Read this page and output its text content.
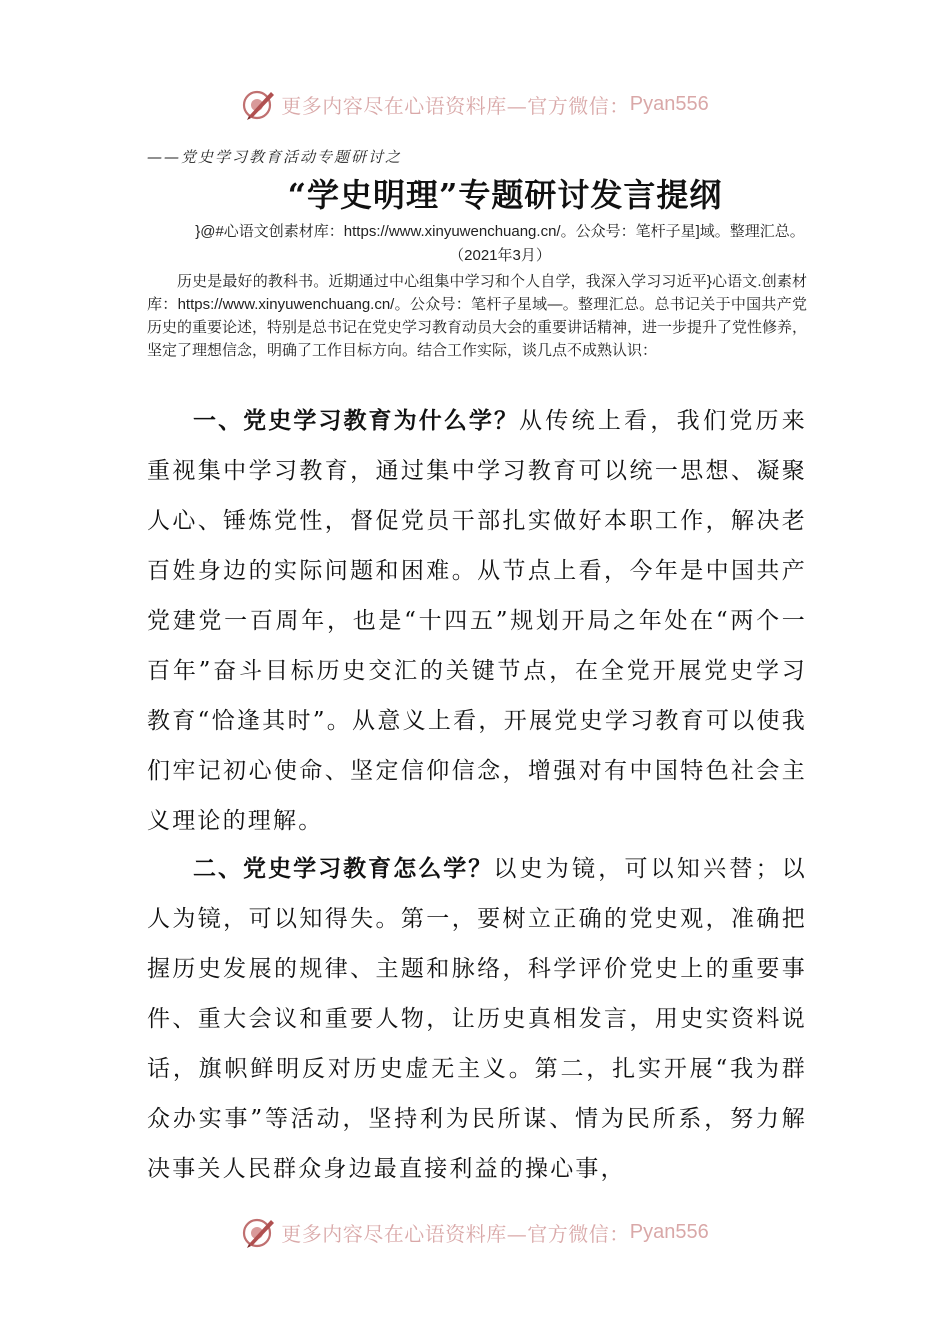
更多内容尽在心语资料库—官方微信： Pyan556
——党史学习教育活动专题研讨之
“学史明理”专题研讨发言提纲
}@#心语文创素材库：https://www.xinyuwenchuang.cn/。公众号：笔杆子星]域。整理汇总。（2021年3月）
历史是最好的教科书。近期通过中心组集中学习和个人自学，我深入学习习近平}心语文.创素材库：https://www.xinyuwenchuang.cn/。公众号：笔杆子星域—。整理汇总。总书记关于中国共产党历史的重要论述，特别是总书记在党史学习教育动员大会的重要讲话精神，进一步提升了党性修养，坚定了理想信念，明确了工作目标方向。结合工作实际，谈几点不成熟认识：
一、党史学习教育为什么学？从传统上看，我们党历来重视集中学习教育，通过集中学习教育可以统一思想、凝聚人心、锤炼党性，督促党员干部扎实做好本职工作，解决老百姓身边的实际问题和困难。从节点上看，今年是中国共产党建党一百周年，也是“十四五”规划开局之年处在“两个一百年”奋斗目标历史交汇的关键节点，在全党开展党史学习教育“恰逢其时”。从意义上看，开展党史学习教育可以使我们牢记初心使命、坚定信仰信念，增强对有中国特色社会主义理论的理解。
二、党史学习教育怎么学？以史为镜，可以知兴替；以人为镜，可以知得失。第一，要树立正确的党史观，准确把握历史发展的规律、主题和脉络，科学评价党史上的重要事件、重大会议和重要人物，让历史真相发言，用史实资料说话，旗帜鲜明反对历史虚无主义。第二，扎实开展“我为群众办实事”等活动，坚持利为民所谋、情为民所系，努力解决事关人民群众身边最直接利益的操心事，
更多内容尽在心语资料库—官方微信： Pyan556
